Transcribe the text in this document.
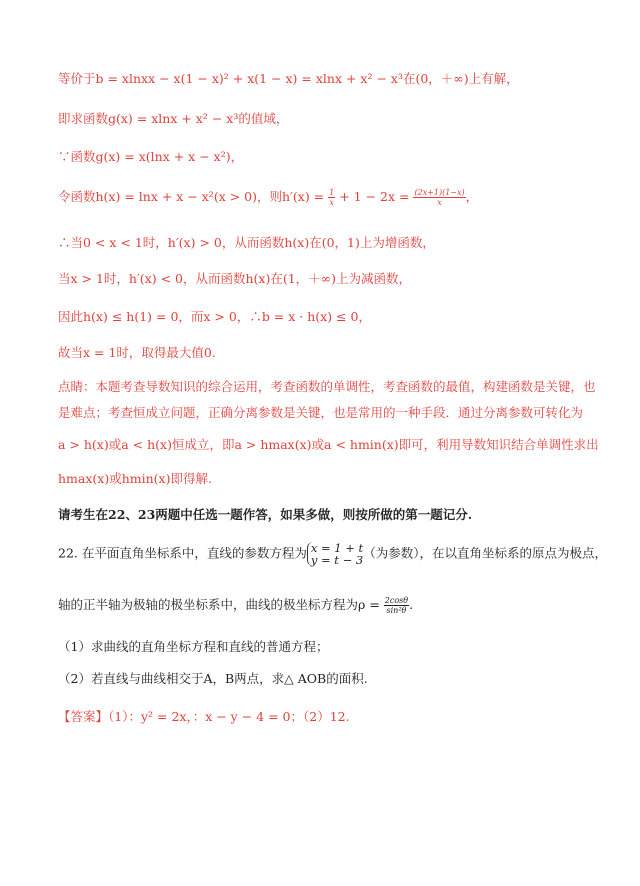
等价于b = xlnxx − x(1 − x)² + x(1 − x) = xlnx + x² − x³在(0，＋∞)上有解，
即求函数g(x) = xlnx + x² − x³的值域，
∵函数g(x) = x(lnx + x − x²)，
令函数h(x) = lnx + x − x²(x > 0)，则$h'(x) = \frac{1}{x} + 1 - 2x = \frac{(2x+1)(1-x)}{x}$ ，
∴当0 < x < 1时，h′(x) > 0，从而函数h(x)在(0，1)上为增函数，
当x > 1时，h′(x) < 0，从而函数h(x)在(1，＋∞)上为减函数，
因此h(x) ≤ h(1) = 0，而x > 0，∴b = x · h(x) ≤ 0，
故当x = 1时，取得最大值0.
点睛：本题考查导数知识的综合运用，考查函数的单调性，考查函数的最值，构建函数是关键，也
是难点；考查恒成立问题，正确分离参数是关键，也是常用的一种手段．通过分离参数可转化为
a > h(x)或a < h(x)恒成立，即a > hmax(x)或a < hmin(x)即可，利用导数知识结合单调性求出
hmax(x)或hmin(x)即得解.
请考生在22、23两题中任选一题作答，如果多做，则按所做的第一题记分.
22. 在平面直角坐标系中，直线的参数方程为 x = 1 + t
y = t − 3 （为参数），在以直角坐标系的原点为极点，
轴的正半轴为极轴的极坐标系中，曲线的极坐标方程为$\rho = \frac{2\cos\theta}{\text{sin²θ}}$ .
（1）求曲线的直角坐标方程和直线的普通方程；
（2）若直线与曲线相交于A，B两点，求△ AOB的面积.
【答案】（1）：y² = 2x，：x − y − 4 = 0；（2）12.
